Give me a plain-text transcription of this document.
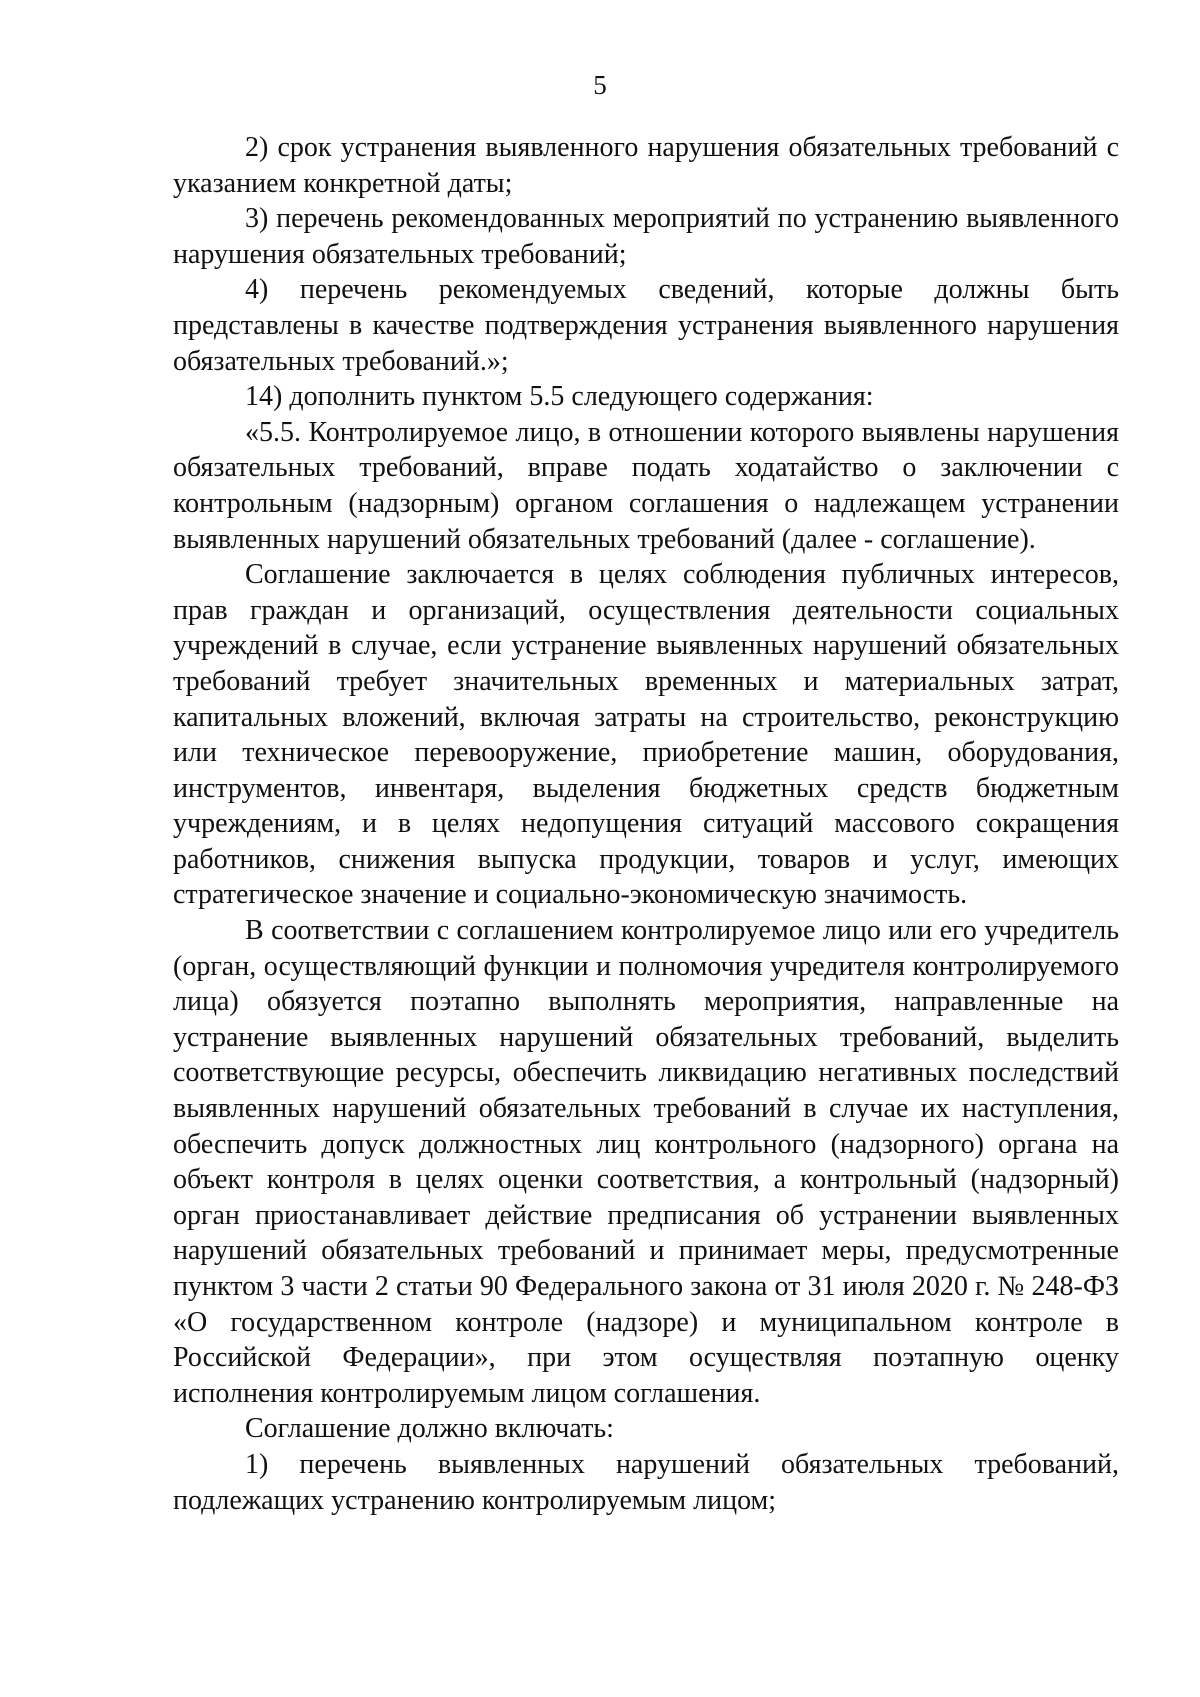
5

2) срок устранения выявленного нарушения обязательных требований с указанием конкретной даты;

3) перечень рекомендованных мероприятий по устранению выявленного нарушения обязательных требований;

4) перечень рекомендуемых сведений, которые должны быть представлены в качестве подтверждения устранения выявленного нарушения обязательных требований.»;

14) дополнить пунктом 5.5 следующего содержания:

«5.5. Контролируемое лицо, в отношении которого выявлены нарушения обязательных требований, вправе подать ходатайство о заключении с контрольным (надзорным) органом соглашения о надлежащем устранении выявленных нарушений обязательных требований (далее - соглашение).

Соглашение заключается в целях соблюдения публичных интересов, прав граждан и организаций, осуществления деятельности социальных учреждений в случае, если устранение выявленных нарушений обязательных требований требует значительных временных и материальных затрат, капитальных вложений, включая затраты на строительство, реконструкцию или техническое перевооружение, приобретение машин, оборудования, инструментов, инвентаря, выделения бюджетных средств бюджетным учреждениям, и в целях недопущения ситуаций массового сокращения работников, снижения выпуска продукции, товаров и услуг, имеющих стратегическое значение и социально-экономическую значимость.

В соответствии с соглашением контролируемое лицо или его учредитель (орган, осуществляющий функции и полномочия учредителя контролируемого лица) обязуется поэтапно выполнять мероприятия, направленные на устранение выявленных нарушений обязательных требований, выделить соответствующие ресурсы, обеспечить ликвидацию негативных последствий выявленных нарушений обязательных требований в случае их наступления, обеспечить допуск должностных лиц контрольного (надзорного) органа на объект контроля в целях оценки соответствия, а контрольный (надзорный) орган приостанавливает действие предписания об устранении выявленных нарушений обязательных требований и принимает меры, предусмотренные пунктом 3 части 2 статьи 90 Федерального закона от 31 июля 2020 г. № 248-ФЗ «О государственном контроле (надзоре) и муниципальном контроле в Российской Федерации», при этом осуществляя поэтапную оценку исполнения контролируемым лицом соглашения.

Соглашение должно включать:

1) перечень выявленных нарушений обязательных требований, подлежащих устранению контролируемым лицом;
